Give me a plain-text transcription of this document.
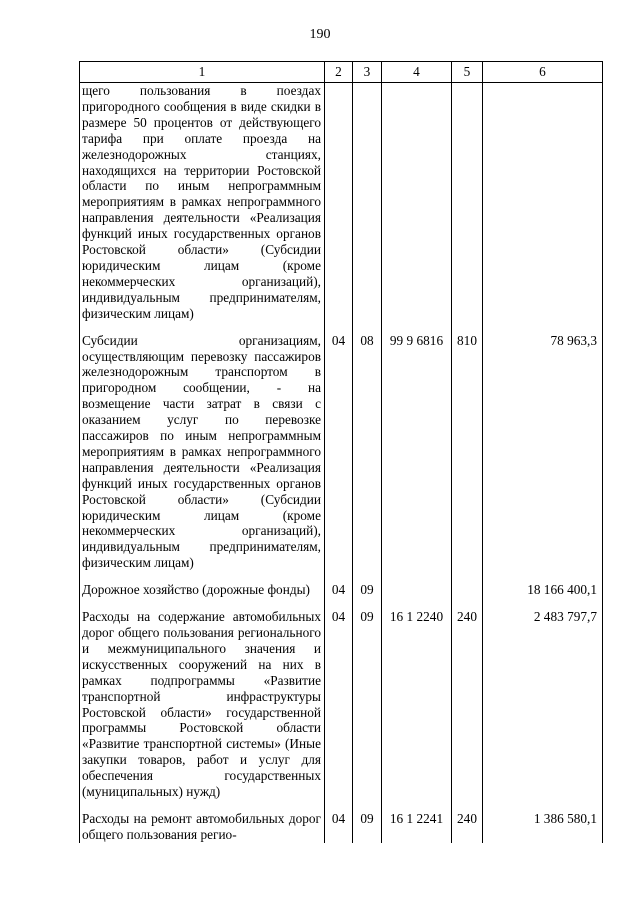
190
1	2	3	4	5	6
щего пользования в поездах пригородного сообщения в виде скидки в размере 50 процентов от действующего тарифа при оплате проезда на железнодорожных станциях, находящихся на территории Ростовской области по иным непрограммным мероприятиям в рамках непрограммного направления деятельности «Реализация функций иных государственных органов Ростовской области» (Субсидии юридическим лицам (кроме некоммерческих организаций), индивидуальным предпринимателям, физическим лицам)					

Субсидии организациям, осуществляющим перевозку пассажиров железнодорожным транспортом в пригородном сообщении, - на возмещение части затрат в связи с оказанием услуг по перевозке пассажиров по иным непрограммным мероприятиям в рамках непрограммного направления деятельности «Реализация функций иных государственных органов Ростовской области» (Субсидии юридическим лицам (кроме некоммерческих организаций), индивидуальным предпринимателям, физическим лицам)	04	08	99 9 6816	810	78 963,3

Дорожное хозяйство (дорожные фонды)	04	09			18 166 400,1

Расходы на содержание автомобильных дорог общего пользования регионального и межмуниципального значения и искусственных сооружений на них в рамках подпрограммы «Развитие транспортной инфраструктуры Ростовской области» государственной программы Ростовской области «Развитие транспортной системы» (Иные закупки товаров, работ и услуг для обеспечения государственных (муниципальных) нужд)	04	09	16 1 2240	240	2 483 797,7

Расходы на ремонт автомобильных дорог общего пользования регио-	04	09	16 1 2241	240	1 386 580,1
